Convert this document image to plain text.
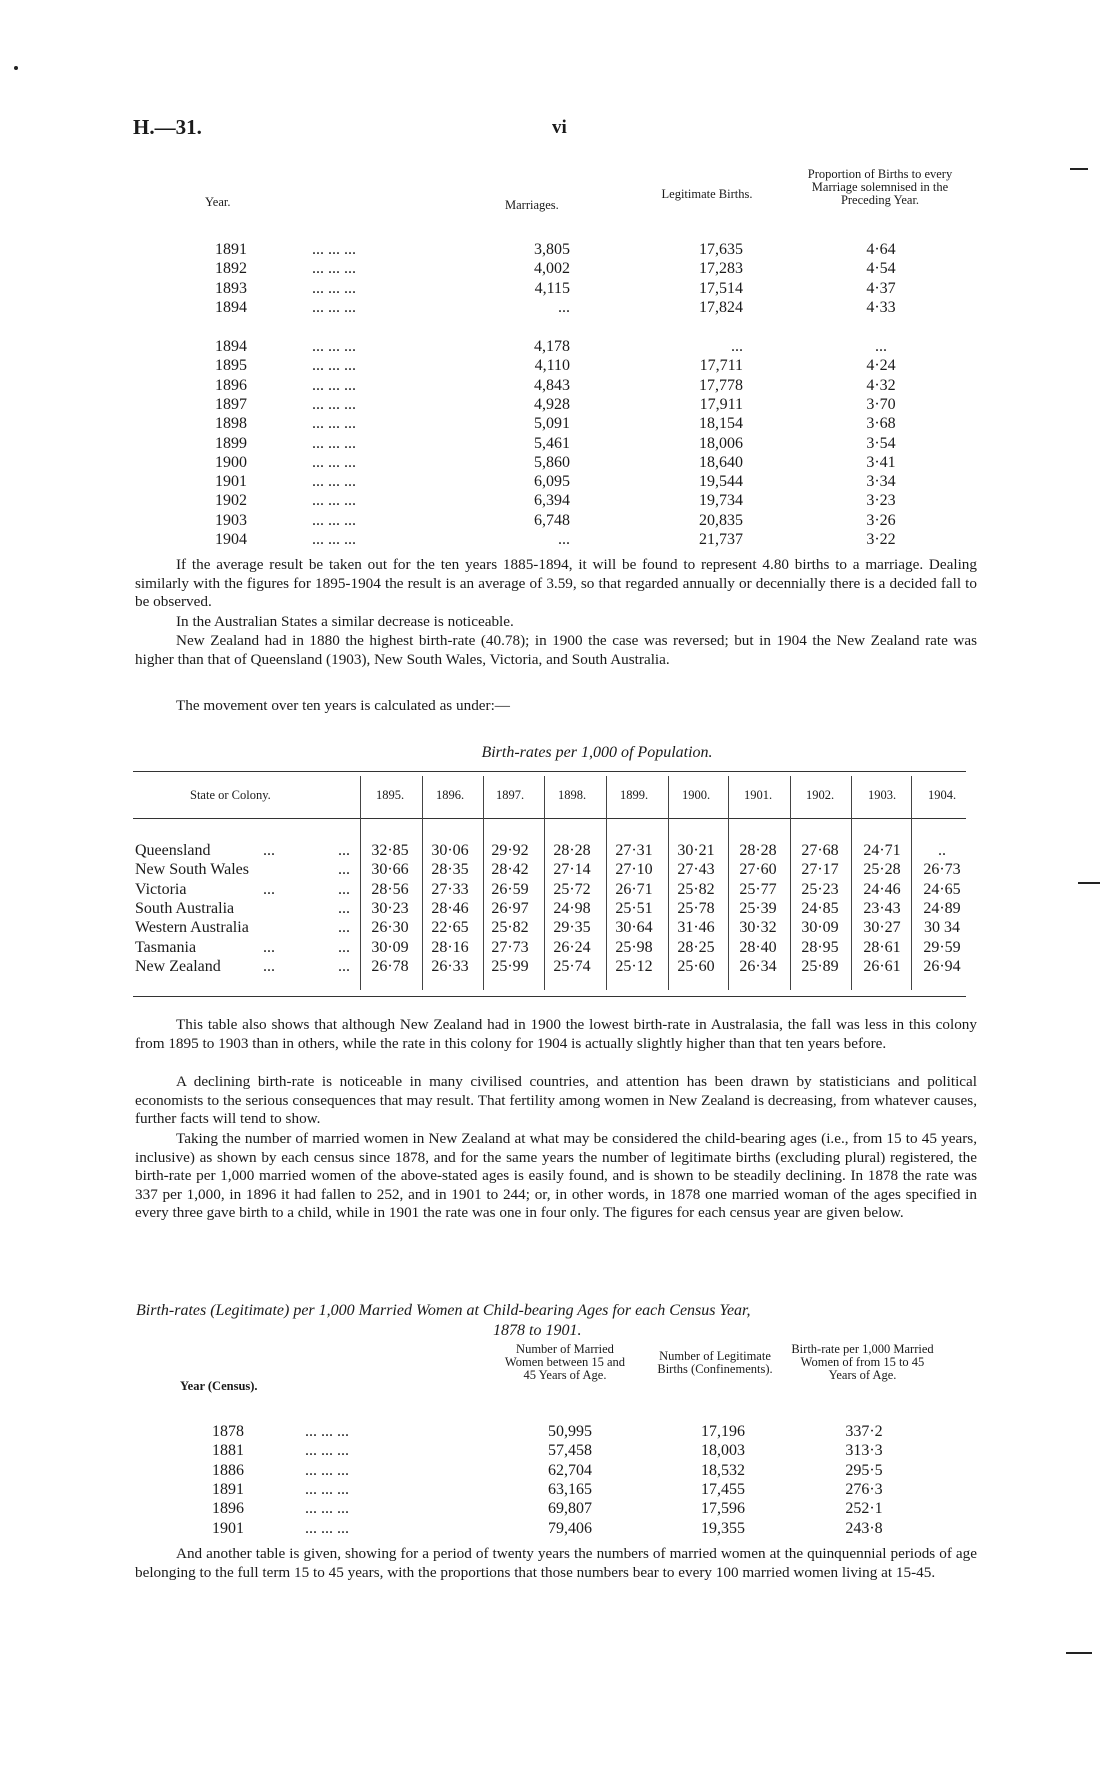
H.—31.	vi
Year.	Marriages.
Legitimate Births.
Proportion of Births to every Marriage solemnised in the Preceding Year.
1891	... ... ...	3,805	17,635	4·64
1892	... ... ...	4,002	17,283	4·54
1893	... ... ...	4,115	17,514	4·37
1894	... ... ...	...	17,824	4·33
1894	... ... ...	4,178	...	...
1895	... ... ...	4,110	17,711	4·24
1896	... ... ...	4,843	17,778	4·32
1897	... ... ...	4,928	17,911	3·70
1898	... ... ...	5,091	18,154	3·68
1899	... ... ...	5,461	18,006	3·54
1900	... ... ...	5,860	18,640	3·41
1901	... ... ...	6,095	19,544	3·34
1902	... ... ...	6,394	19,734	3·23
1903	... ... ...	6,748	20,835	3·26
1904	... ... ...	...	21,737	3·22
If the average result be taken out for the ten years 1885-1894, it will be found to represent 4.80 births to a marriage. Dealing similarly with the figures for 1895-1904 the result is an average of 3.59, so that regarded annually or decennially there is a decided fall to be observed.
In the Australian States a similar decrease is noticeable.
New Zealand had in 1880 the highest birth-rate (40.78); in 1900 the case was reversed; but in 1904 the New Zealand rate was higher than that of Queensland (1903), New South Wales, Victoria, and South Australia.
The movement over ten years is calculated as under:—
Birth-rates per 1,000 of Population.
1895.	1896.	1897.	1898.	1899.	1900.	1901.	1902.	1903.	1904.
State or Colony.
Queensland	...	...	32·85	30·06	29·92	28·28	27·31	30·21	28·28	27·68	24·71	..
New South Wales	...	30·66	28·35	28·42	27·14	27·10	27·43	27·60	27·17	25·28	26·73
Victoria	...	...	28·56	27·33	26·59	25·72	26·71	25·82	25·77	25·23	24·46	24·65
South Australia	...	30·23	28·46	26·97	24·98	25·51	25·78	25·39	24·85	23·43	24·89
Western Australia	...	26·30	22·65	25·82	29·35	30·64	31·46	30·32	30·09	30·27	30 34
Tasmania	...	...	30·09	28·16	27·73	26·24	25·98	28·25	28·40	28·95	28·61	29·59
New Zealand	...	...	26·78	26·33	25·99	25·74	25·12	25·60	26·34	25·89	26·61	26·94
This table also shows that although New Zealand had in 1900 the lowest birth-rate in Australasia, the fall was less in this colony from 1895 to 1903 than in others, while the rate in this colony for 1904 is actually slightly higher than that ten years before.
A declining birth-rate is noticeable in many civilised countries, and attention has been drawn by statisticians and political economists to the serious consequences that may result. That fertility among women in New Zealand is decreasing, from whatever causes, further facts will tend to show.
Taking the number of married women in New Zealand at what may be considered the child-bearing ages (i.e., from 15 to 45 years, inclusive) as shown by each census since 1878, and for the same years the number of legitimate births (excluding plural) registered, the birth-rate per 1,000 married women of the above-stated ages is easily found, and is shown to be steadily declining. In 1878 the rate was 337 per 1,000, in 1896 it had fallen to 252, and in 1901 to 244; or, in other words, in 1878 one married woman of the ages specified in every three gave birth to a child, while in 1901 the rate was one in four only. The figures for each census year are given below.
Birth-rates (Legitimate) per 1,000 Married Women at Child-bearing Ages for each Census Year,
1878 to 1901.
Year (Census).
Number of Married Women between 15 and 45 Years of Age.
Number of Legitimate Births (Confinements).
Birth-rate per 1,000 Married Women of from 15 to 45 Years of Age.
1878	... ... ...	50,995	17,196	337·2
1881	... ... ...	57,458	18,003	313·3
1886	... ... ...	62,704	18,532	295·5
1891	... ... ...	63,165	17,455	276·3
1896	... ... ...	69,807	17,596	252·1
1901	... ... ...	79,406	19,355	243·8
And another table is given, showing for a period of twenty years the numbers of married women at the quinquennial periods of age belonging to the full term 15 to 45 years, with the proportions that those numbers bear to every 100 married women living at 15-45.
